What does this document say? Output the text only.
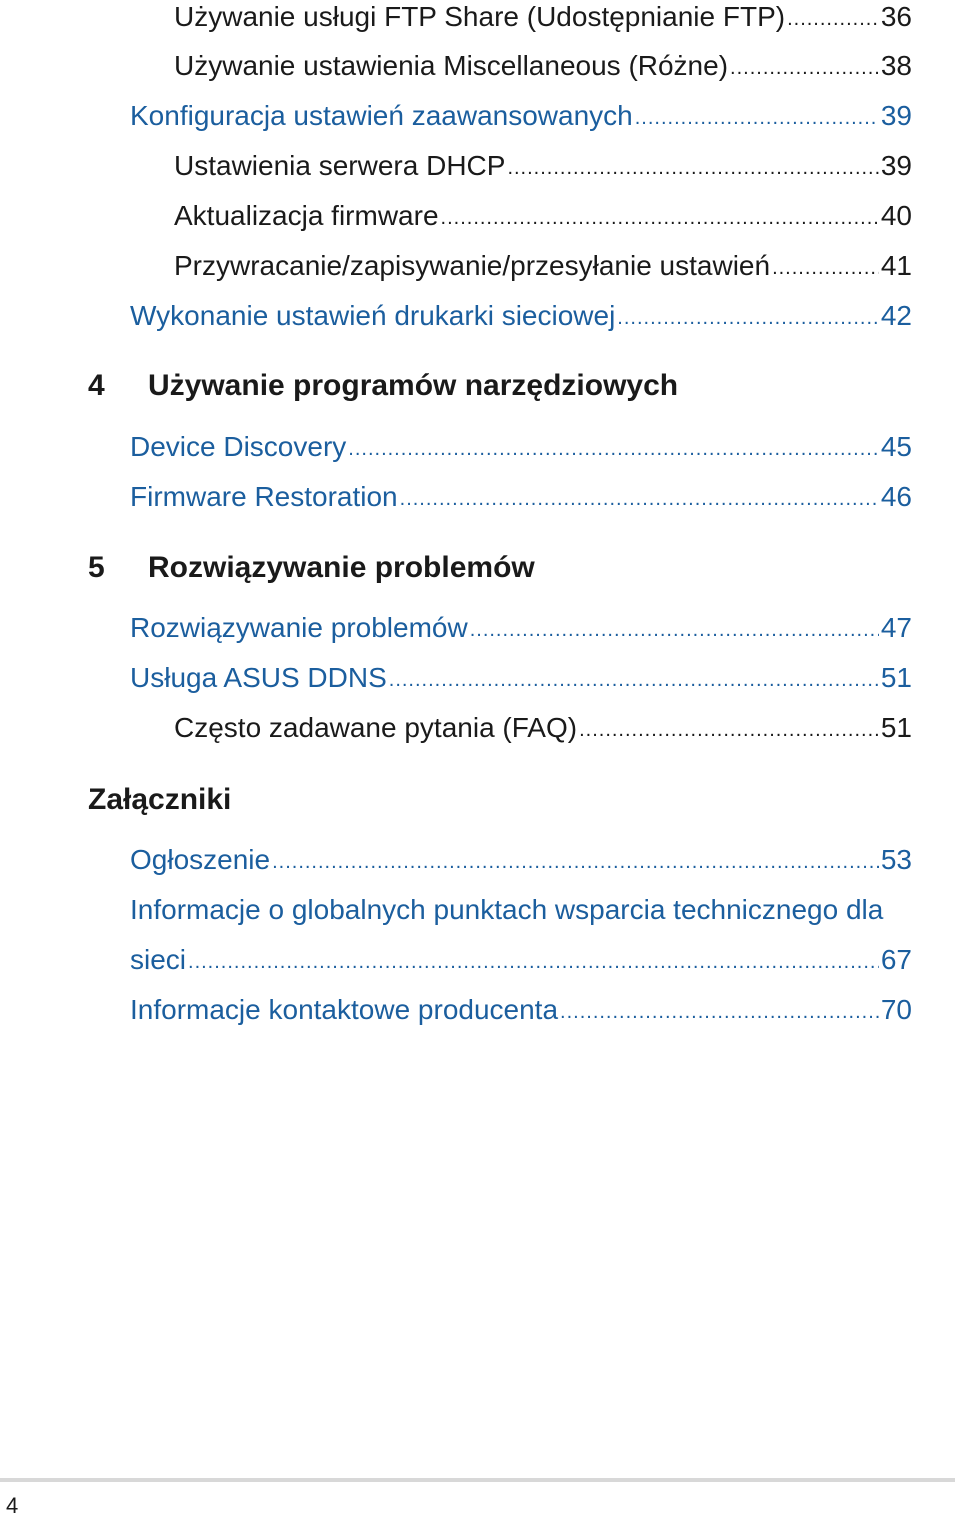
Używanie usługi FTP Share (Udostępnianie FTP) .....	36
Używanie ustawienia Miscellaneous (Różne) .....	38
Konfiguracja ustawień zaawansowanych .....	39
Ustawienia serwera DHCP .....	39
Aktualizacja firmware .....	40
Przywracanie/zapisywanie/przesyłanie ustawień .....	41
Wykonanie ustawień drukarki sieciowej .....	42
4 Używanie programów narzędziowych
Device Discovery .....	45
Firmware Restoration .....	46
5 Rozwiązywanie problemów
Rozwiązywanie problemów .....	47
Usługa ASUS DDNS .....	51
Często zadawane pytania (FAQ) .....	51
Załączniki
Ogłoszenie .....	53
Informacje o globalnych punktach wsparcia technicznego dla
sieci .....	67
Informacje kontaktowe producenta .....	70
4
